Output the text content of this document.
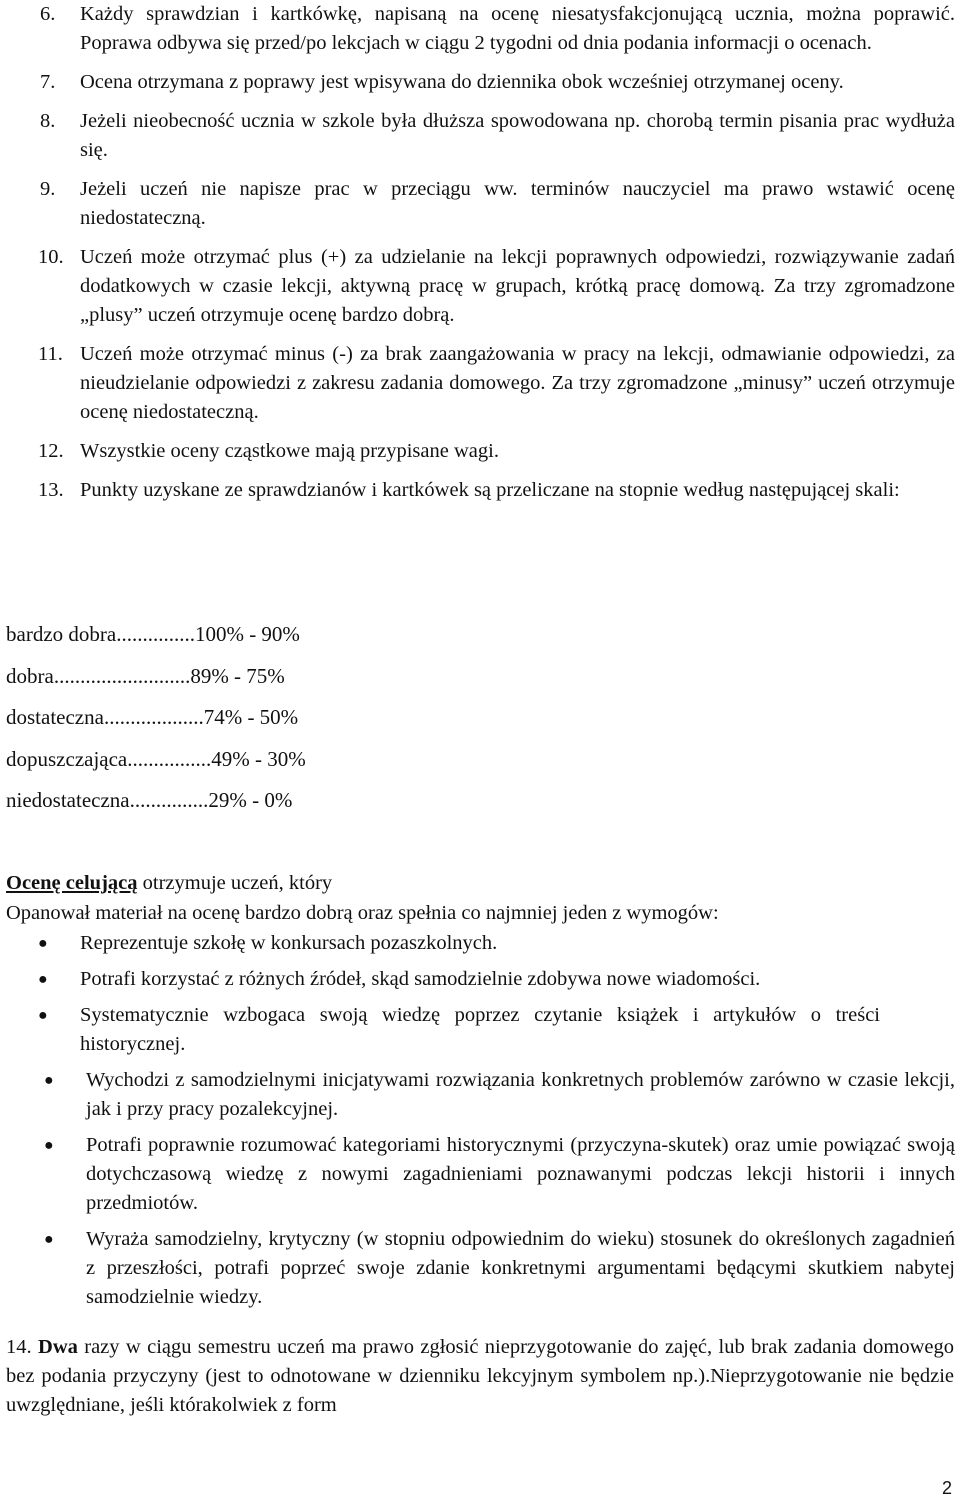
6. Każdy sprawdzian i kartkówkę, napisaną na ocenę niesatysfakcjonującą ucznia, można poprawić. Poprawa odbywa się przed/po lekcjach w ciągu 2 tygodni od dnia podania informacji o ocenach.
7. Ocena otrzymana z poprawy jest wpisywana do dziennika obok wcześniej otrzymanej oceny.
8. Jeżeli nieobecność ucznia w szkole była dłuższa spowodowana np. chorobą termin pisania prac wydłuża się.
9. Jeżeli uczeń nie napisze prac w przeciągu ww. terminów nauczyciel ma prawo wstawić ocenę niedostateczną.
10. Uczeń może otrzymać plus (+) za udzielanie na lekcji poprawnych odpowiedzi, rozwiązywanie zadań dodatkowych w czasie lekcji, aktywną pracę w grupach, krótką pracę domową. Za trzy zgromadzone „plusy” uczeń otrzymuje ocenę bardzo dobrą.
11. Uczeń może otrzymać minus (-) za brak zaangażowania w pracy na lekcji, odmawianie odpowiedzi, za nieudzielanie odpowiedzi z zakresu zadania domowego. Za trzy zgromadzone „minusy” uczeń otrzymuje ocenę niedostateczną.
12. Wszystkie oceny cząstkowe mają przypisane wagi.
13. Punkty uzyskane ze sprawdzianów i kartkówek są przeliczane na stopnie według następującej skali:
bardzo dobra...............100% - 90%
dobra..........................89% - 75%
dostateczna...................74% - 50%
dopuszczająca................49% - 30%
niedostateczna...............29% - 0%
Ocenę celującą otrzymuje uczeń, który
Opanował materiał na ocenę bardzo dobrą oraz spełnia co najmniej jeden z wymogów:
● Reprezentuje szkołę w konkursach pozaszkolnych.
● Potrafi korzystać z różnych źródeł, skąd samodzielnie zdobywa nowe wiadomości.
● Systematycznie wzbogaca swoją wiedzę poprzez czytanie książek i artykułów o treści historycznej.
● Wychodzi z samodzielnymi inicjatywami rozwiązania konkretnych problemów zarówno w czasie lekcji, jak i przy pracy pozalekcyjnej.
● Potrafi poprawnie rozumować kategoriami historycznymi (przyczyna-skutek) oraz umie powiązać swoją dotychczasową wiedzę z nowymi zagadnieniami poznawanymi podczas lekcji historii i innych przedmiotów.
● Wyraża samodzielny, krytyczny (w stopniu odpowiednim do wieku) stosunek do określonych zagadnień z przeszłości, potrafi poprzeć swoje zdanie konkretnymi argumentami będącymi skutkiem nabytej samodzielnie wiedzy.
14. Dwa razy w ciągu semestru uczeń ma prawo zgłosić nieprzygotowanie do zajęć, lub brak zadania domowego bez podania przyczyny (jest to odnotowane w dzienniku lekcyjnym symbolem np.).Nieprzygotowanie nie będzie uwzględniane, jeśli którakolwiek z form
2
